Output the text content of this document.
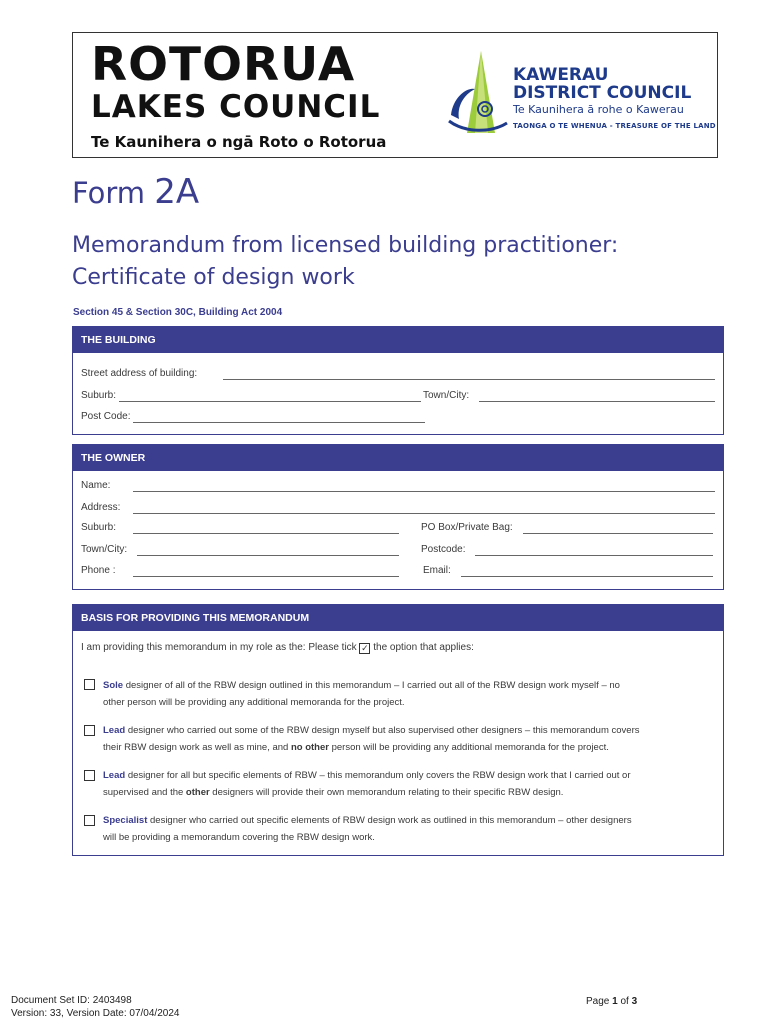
ROTORUA
LAKES COUNCIL
Te Kaunihera o ngā Roto o Rotorua
KAWERAU
DISTRICT COUNCIL
Te Kaunihera ā rohe o Kawerau
TAONGA O TE WHENUA - TREASURE OF THE LAND
Form 2A
Memorandum from licensed building practitioner:
Certificate of design work
Section 45 & Section 30C, Building Act 2004
THE BUILDING
Street address of building:
Suburb:	Town/City:
Post Code:
THE OWNER
Name:
Address:
Suburb:	PO Box/Private Bag:
Town/City:	Postcode:
Phone :	Email:
BASIS FOR PROVIDING THIS MEMORANDUM
I am providing this memorandum in my role as the: Please tick ✓ the option that applies:
Sole designer of all of the RBW design outlined in this memorandum – I carried out all of the RBW design work myself – no
other person will be providing any additional memoranda for the project.
Lead designer who carried out some of the RBW design myself but also supervised other designers – this memorandum covers
their RBW design work as well as mine, and no other person will be providing any additional memoranda for the project.
Lead designer for all but specific elements of RBW – this memorandum only covers the RBW design work that I carried out or
supervised and the other designers will provide their own memorandum relating to their specific RBW design.
Specialist designer who carried out specific elements of RBW design work as outlined in this memorandum – other designers
will be providing a memorandum covering the RBW design work.
Document Set ID: 2403498
Version: 33, Version Date: 07/04/2024
Page 1 of 3
